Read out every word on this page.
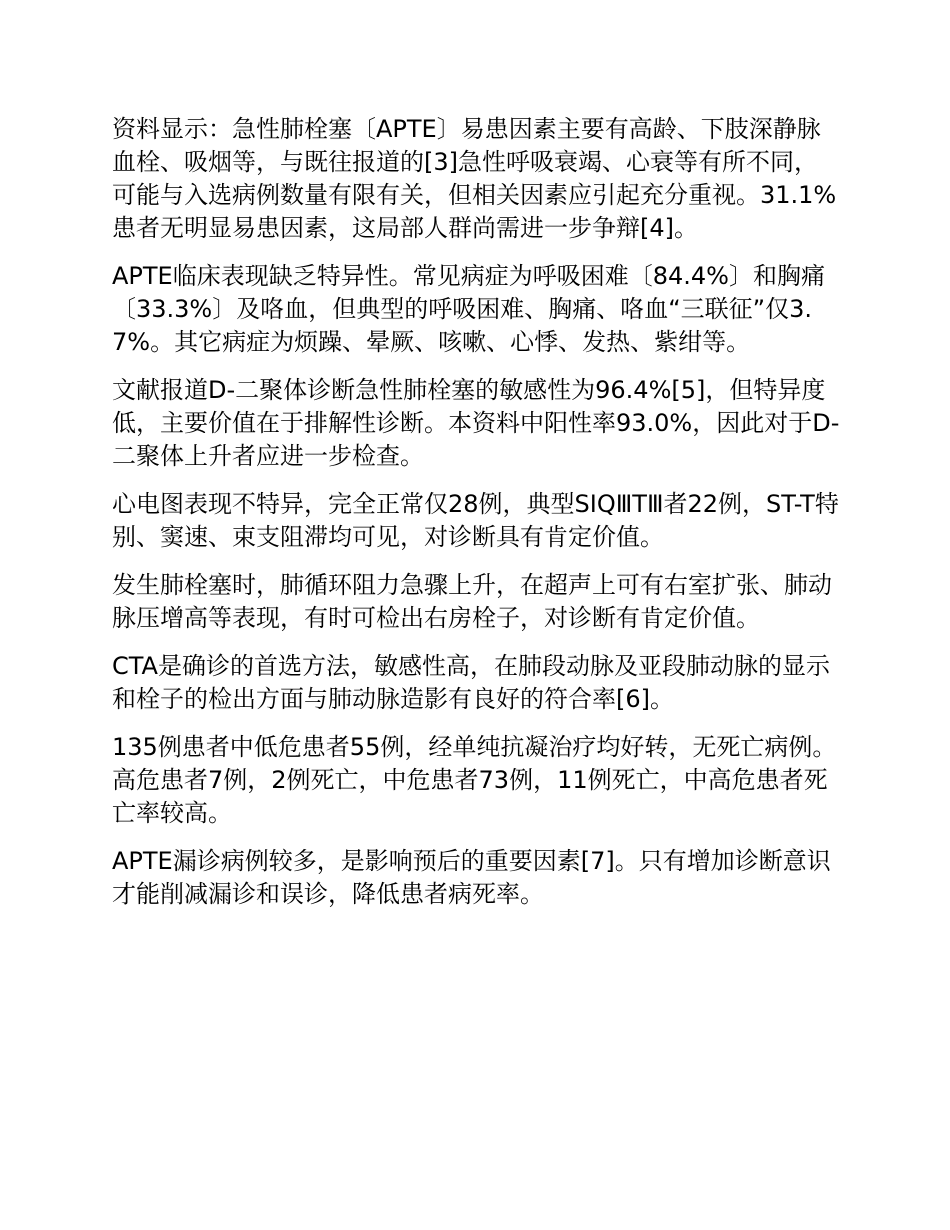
资料显示：急性肺栓塞〔APTE〕易患因素主要有高龄、下肢深静脉血栓、吸烟等，与既往报道的[3]急性呼吸衰竭、心衰等有所不同，可能与入选病例数量有限有关，但相关因素应引起充分重视。31.1%患者无明显易患因素，这局部人群尚需进一步争辩[4]。

APTE临床表现缺乏特异性。常见病症为呼吸困难〔84.4%〕和胸痛〔33.3%〕及咯血，但典型的呼吸困难、胸痛、咯血“三联征”仅3.7%。其它病症为烦躁、晕厥、咳嗽、心悸、发热、紫绀等。

文献报道D-二聚体诊断急性肺栓塞的敏感性为96.4%[5]，但特异度低，主要价值在于排解性诊断。本资料中阳性率93.0%，因此对于D-二聚体上升者应进一步检查。

心电图表现不特异，完全正常仅28例，典型SIQⅢTⅢ者22例，ST-T特别、窦速、束支阻滞均可见，对诊断具有肯定价值。

发生肺栓塞时，肺循环阻力急骤上升，在超声上可有右室扩张、肺动脉压增高等表现，有时可检出右房栓子，对诊断有肯定价值。

CTA是确诊的首选方法，敏感性高，在肺段动脉及亚段肺动脉的显示和栓子的检出方面与肺动脉造影有良好的符合率[6]。

135例患者中低危患者55例，经单纯抗凝治疗均好转，无死亡病例。高危患者7例，2例死亡，中危患者73例，11例死亡，中高危患者死亡率较高。

APTE漏诊病例较多，是影响预后的重要因素[7]。只有增加诊断意识才能削减漏诊和误诊，降低患者病死率。
